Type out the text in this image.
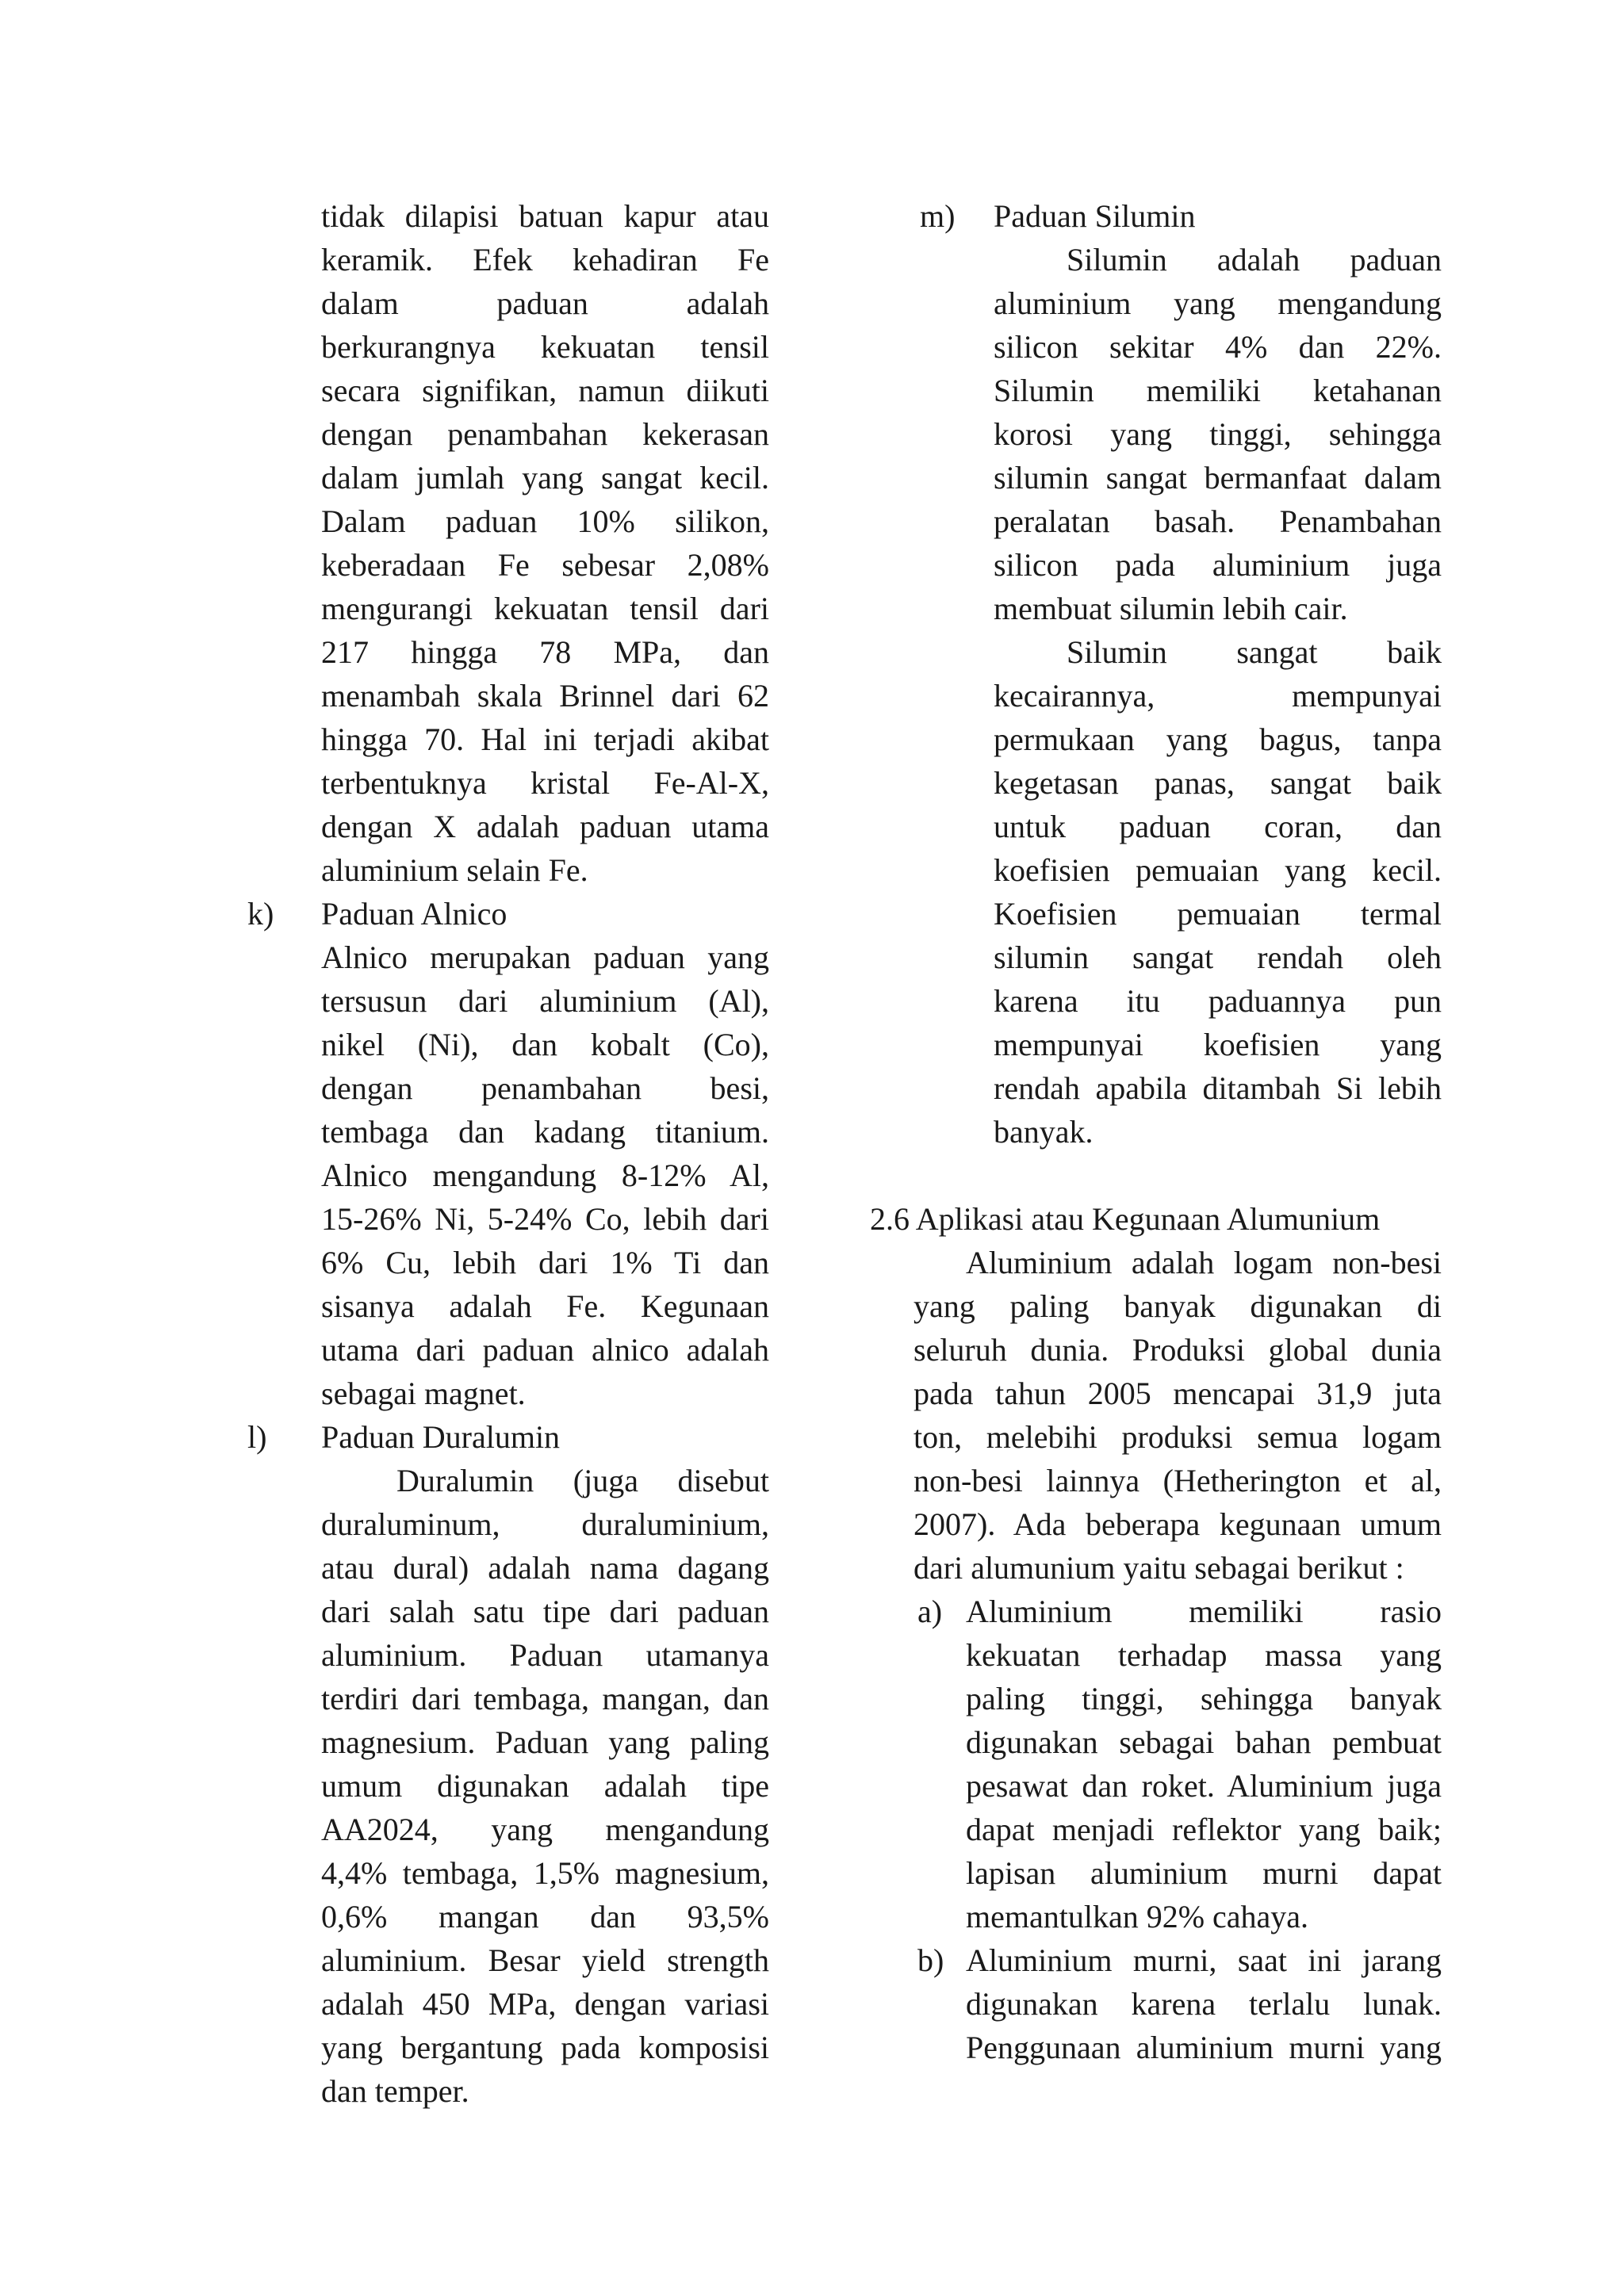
tidak dilapisi batuan kapur atau
keramik. Efek kehadiran Fe
dalam paduan adalah
berkurangnya kekuatan tensil
secara signifikan, namun diikuti
dengan penambahan kekerasan
dalam jumlah yang sangat kecil.
Dalam paduan 10% silikon,
keberadaan Fe sebesar 2,08%
mengurangi kekuatan tensil dari
217 hingga 78 MPa, dan
menambah skala Brinnel dari 62
hingga 70. Hal ini terjadi akibat
terbentuknya kristal Fe-Al-X,
dengan X adalah paduan utama
aluminium selain Fe.
k) Paduan Alnico
Alnico merupakan paduan yang
tersusun dari aluminium (Al),
nikel (Ni), dan kobalt (Co),
dengan penambahan besi,
tembaga dan kadang titanium.
Alnico mengandung 8-12% Al,
15-26% Ni, 5-24% Co, lebih dari
6% Cu, lebih dari 1% Ti dan
sisanya adalah Fe. Kegunaan
utama dari paduan alnico adalah
sebagai magnet.
l) Paduan Duralumin
Duralumin (juga disebut
duraluminum, duraluminium,
atau dural) adalah nama dagang
dari salah satu tipe dari paduan
aluminium. Paduan utamanya
terdiri dari tembaga, mangan, dan
magnesium. Paduan yang paling
umum digunakan adalah tipe
AA2024, yang mengandung
4,4% tembaga, 1,5% magnesium,
0,6% mangan dan 93,5%
aluminium. Besar yield strength
adalah 450 MPa, dengan variasi
yang bergantung pada komposisi
dan temper.
m) Paduan Silumin
Silumin adalah paduan
aluminium yang mengandung
silicon sekitar 4% dan 22%.
Silumin memiliki ketahanan
korosi yang tinggi, sehingga
silumin sangat bermanfaat dalam
peralatan basah. Penambahan
silicon pada aluminium juga
membuat silumin lebih cair.
Silumin sangat baik
kecairannya, mempunyai
permukaan yang bagus, tanpa
kegetasan panas, sangat baik
untuk paduan coran, dan
koefisien pemuaian yang kecil.
Koefisien pemuaian termal
silumin sangat rendah oleh
karena itu paduannya pun
mempunyai koefisien yang
rendah apabila ditambah Si lebih
banyak.
2.6 Aplikasi atau Kegunaan Alumunium
Aluminium adalah logam non-besi
yang paling banyak digunakan di
seluruh dunia. Produksi global dunia
pada tahun 2005 mencapai 31,9 juta
ton, melebihi produksi semua logam
non-besi lainnya (Hetherington et al,
2007). Ada beberapa kegunaan umum
dari alumunium yaitu sebagai berikut :
a) Aluminium memiliki rasio
kekuatan terhadap massa yang
paling tinggi, sehingga banyak
digunakan sebagai bahan pembuat
pesawat dan roket. Aluminium juga
dapat menjadi reflektor yang baik;
lapisan aluminium murni dapat
memantulkan 92% cahaya.
b) Aluminium murni, saat ini jarang
digunakan karena terlalu lunak.
Penggunaan aluminium murni yang
